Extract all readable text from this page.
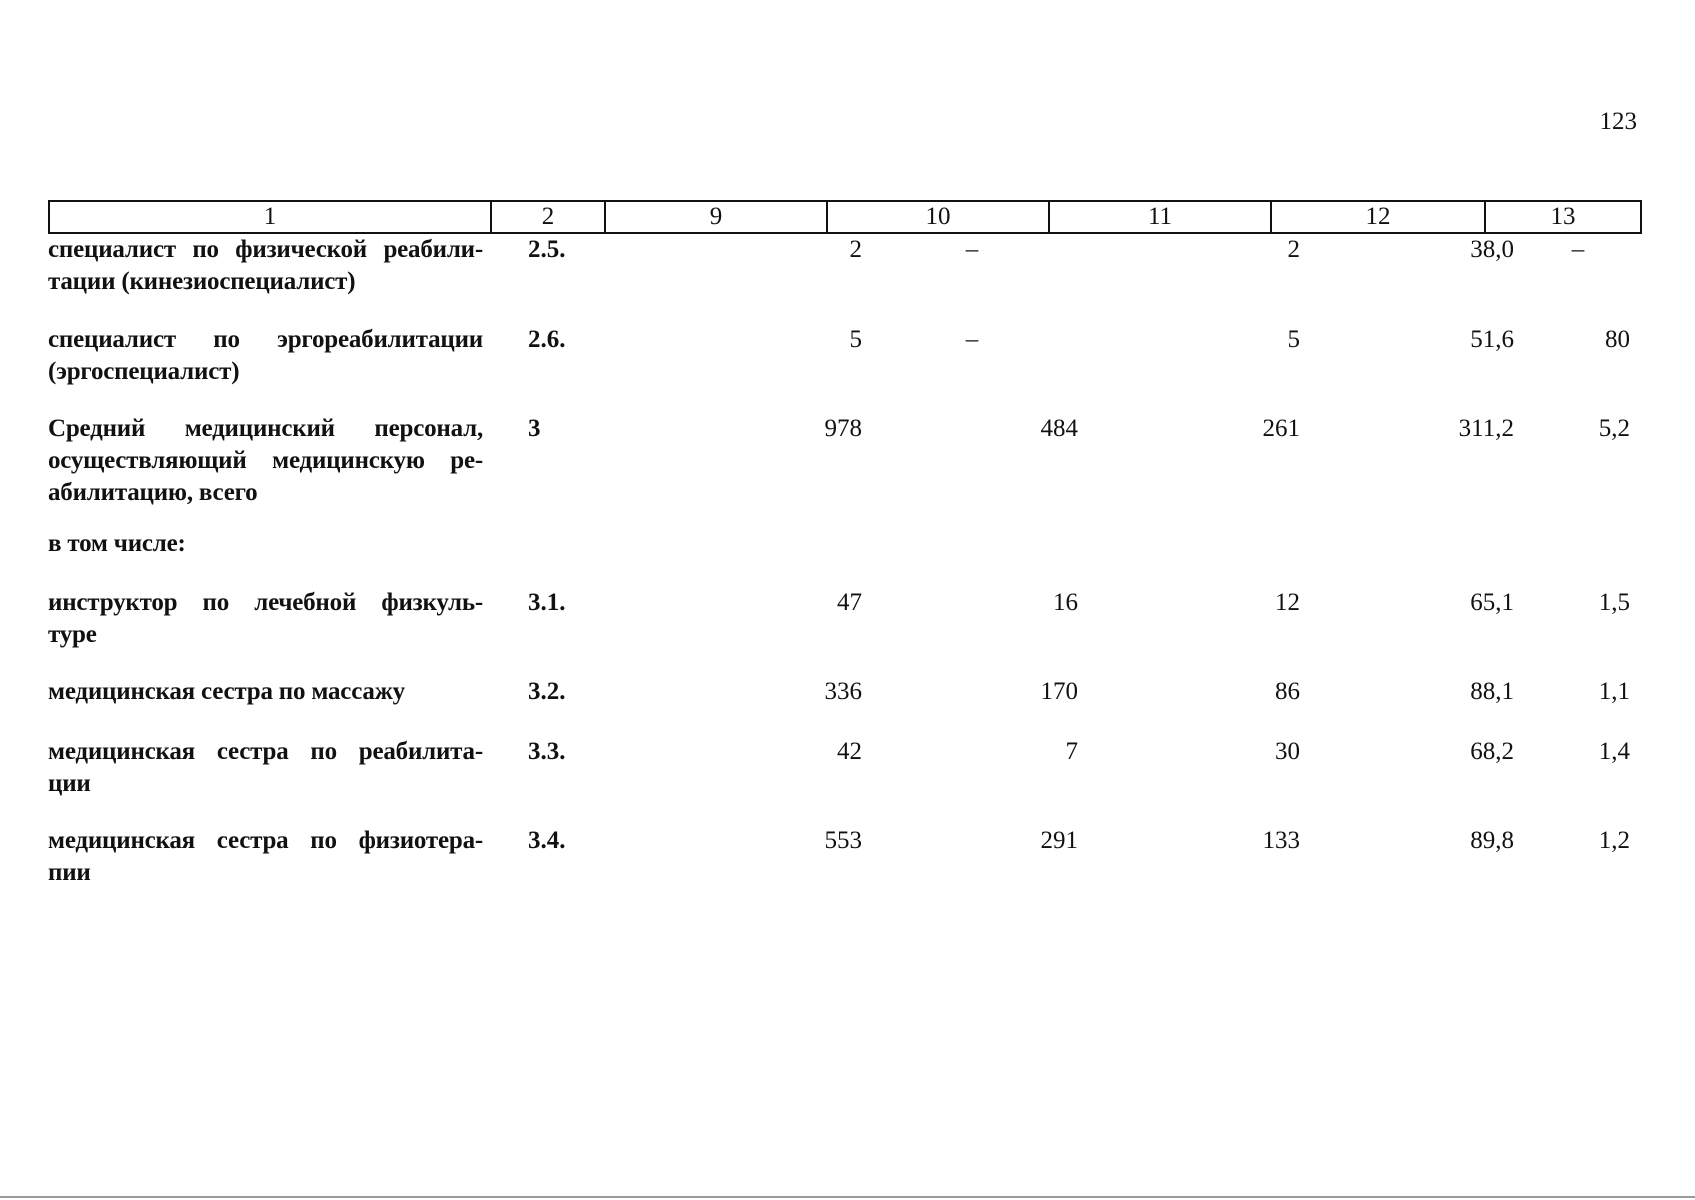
123
1	2	9	10	11	12	13
специалист по физической реабили-
тации (кинезиоспециалист)
2.5.	2	–	2	38,0	–
специалист по эргореабилитации
(эргоспециалист)
2.6.	5	–	5	51,6	80
Средний медицинский персонал,
осуществляющий медицинскую ре-
абилитацию, всего
3	978	484	261	311,2	5,2
в том числе:
инструктор по лечебной физкуль-
туре
3.1.	47	16	12	65,1	1,5
медицинская сестра по массажу	3.2.	336	170	86	88,1	1,1
медицинская сестра по реабилита-
ции
3.3.	42	7	30	68,2	1,4
медицинская сестра по физиотера-
пии
3.4.	553	291	133	89,8	1,2
